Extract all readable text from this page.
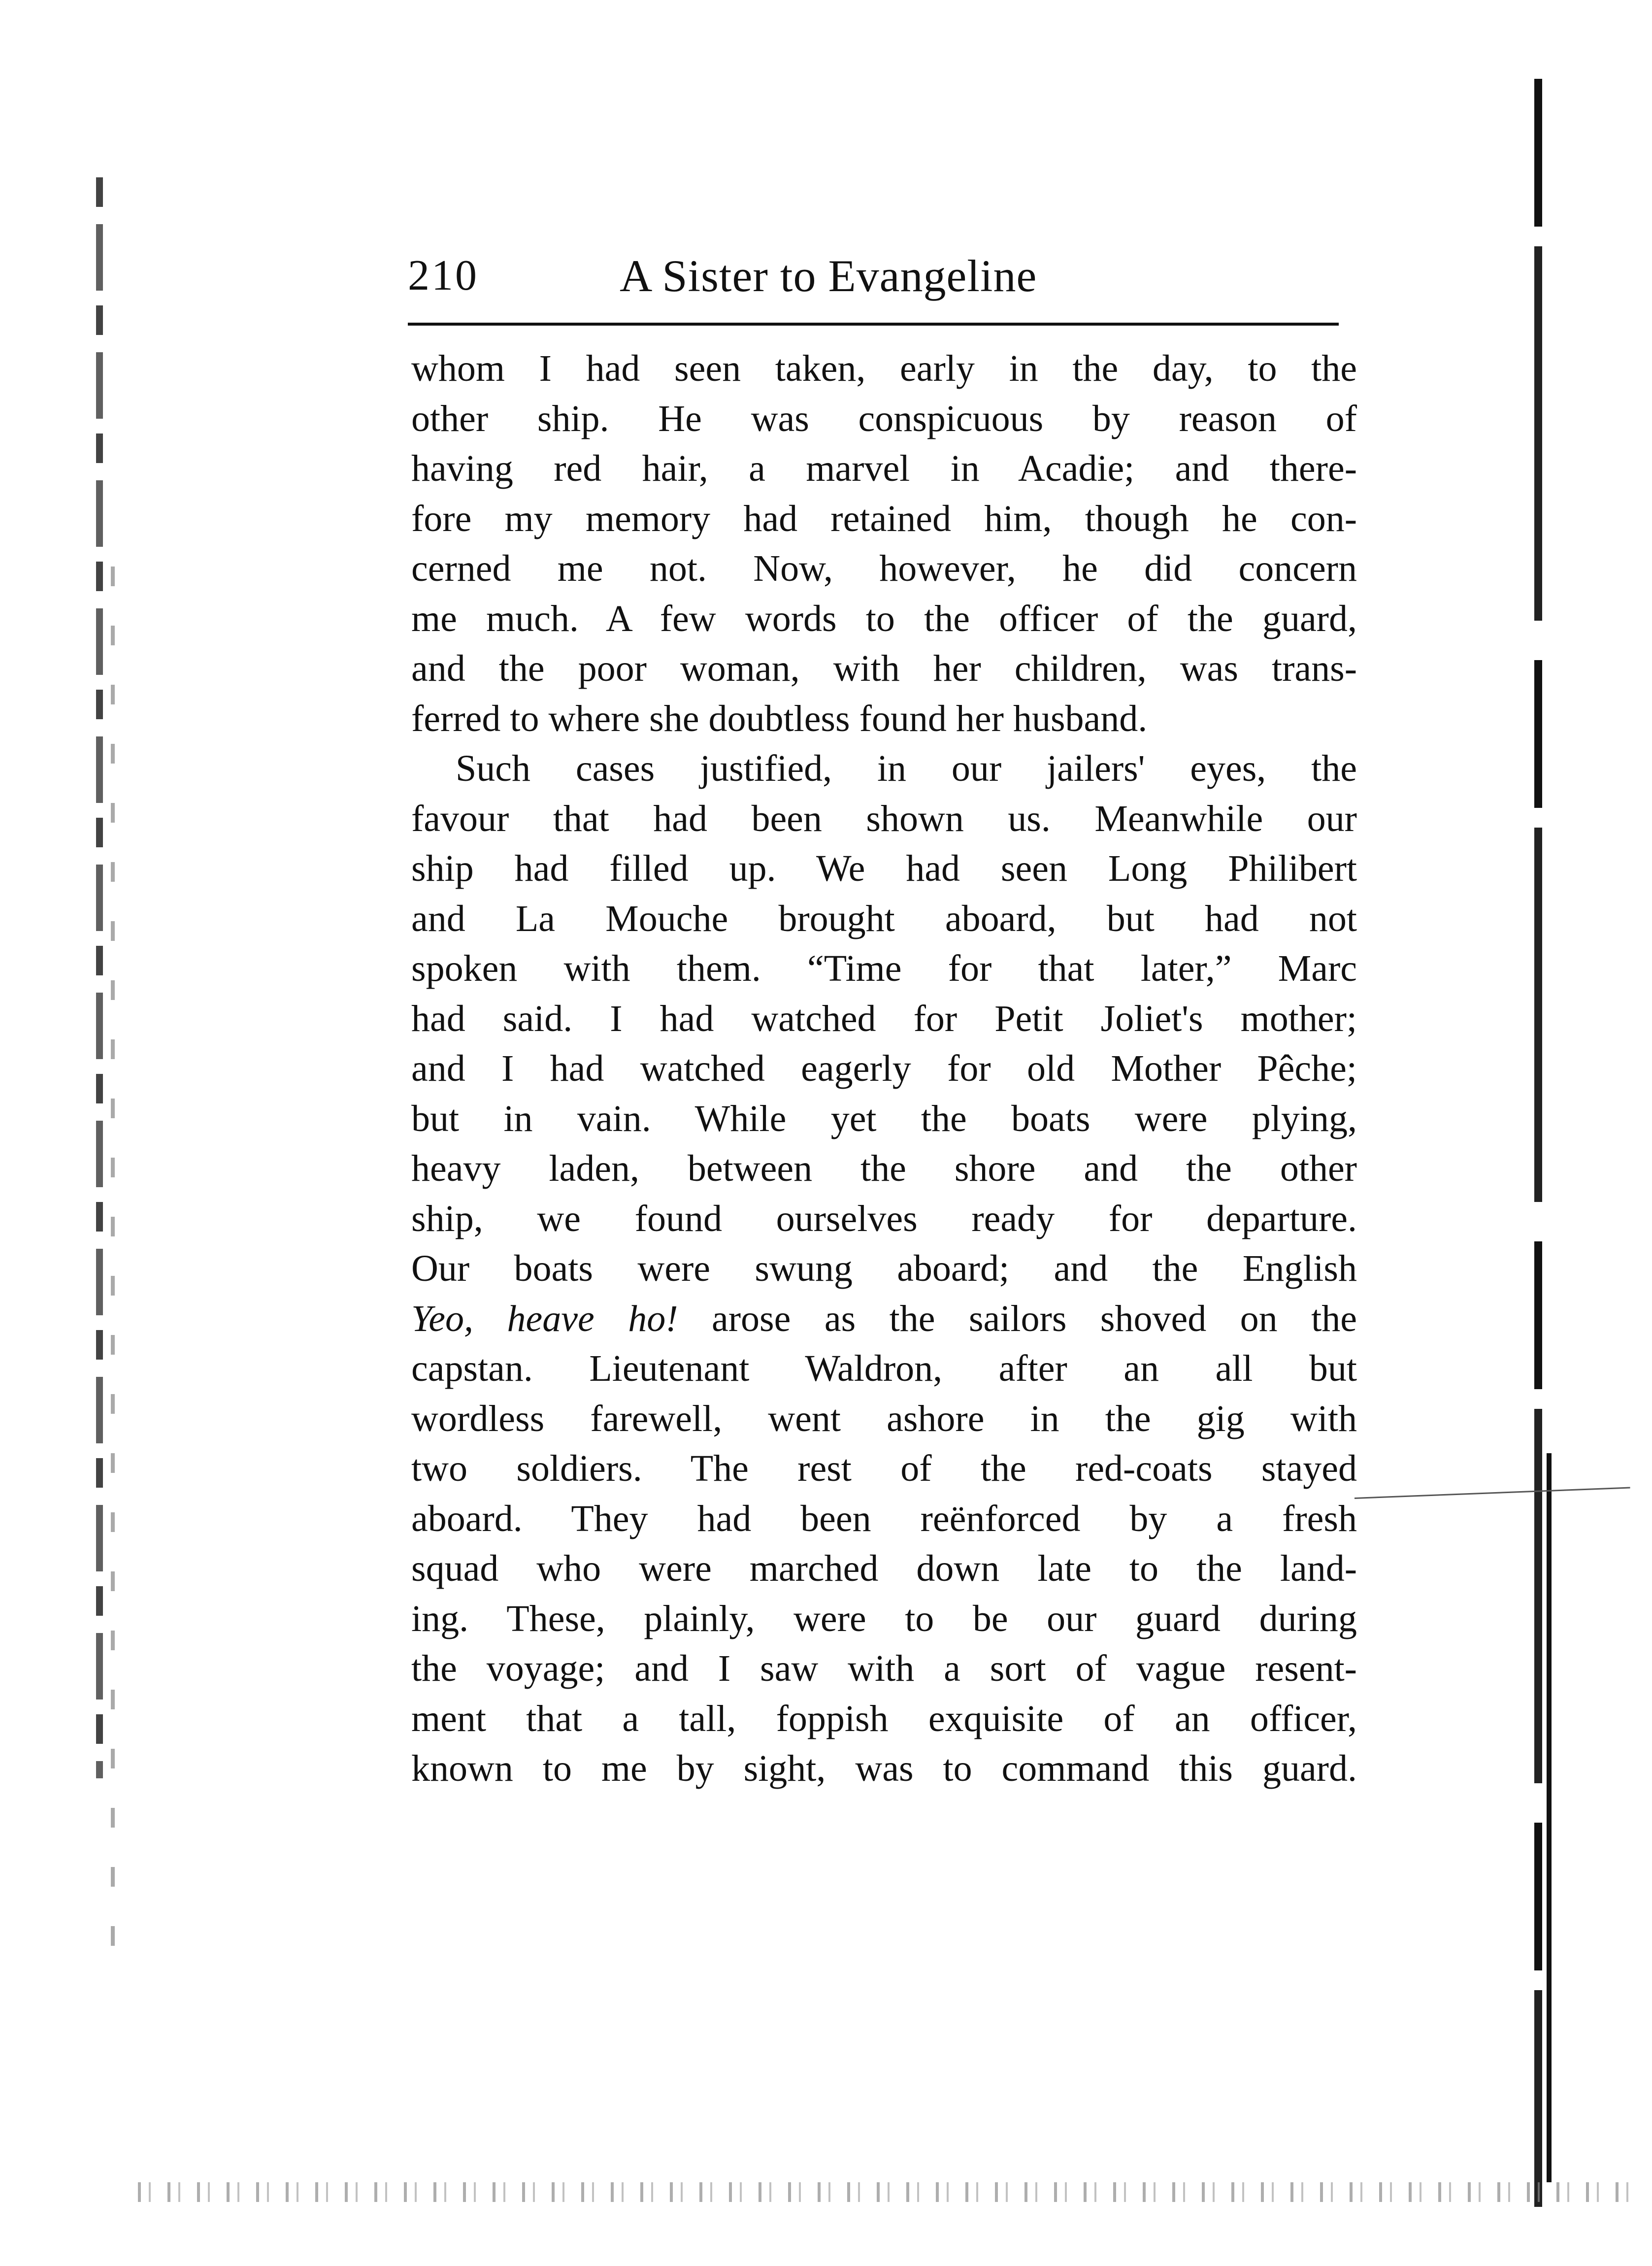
210	A Sister to Evangeline
whom I had seen taken, early in the day, to the
other ship. He was conspicuous by reason of
having red hair, a marvel in Acadie; and there-
fore my memory had retained him, though he con-
cerned me not. Now, however, he did concern
me much. A few words to the officer of the guard,
and the poor woman, with her children, was trans-
ferred to where she doubtless found her husband.
Such cases justified, in our jailers' eyes, the
favour that had been shown us. Meanwhile our
ship had filled up. We had seen Long Philibert
and La Mouche brought aboard, but had not
spoken with them. “Time for that later,” Marc
had said. I had watched for Petit Joliet's mother;
and I had watched eagerly for old Mother Pêche;
but in vain. While yet the boats were plying,
heavy laden, between the shore and the other
ship, we found ourselves ready for departure.
Our boats were swung aboard; and the English
Yeo, heave ho! arose as the sailors shoved on the
capstan. Lieutenant Waldron, after an all but
wordless farewell, went ashore in the gig with
two soldiers. The rest of the red-coats stayed
aboard. They had been reënforced by a fresh
squad who were marched down late to the land-
ing. These, plainly, were to be our guard during
the voyage; and I saw with a sort of vague resent-
ment that a tall, foppish exquisite of an officer,
known to me by sight, was to command this guard.
